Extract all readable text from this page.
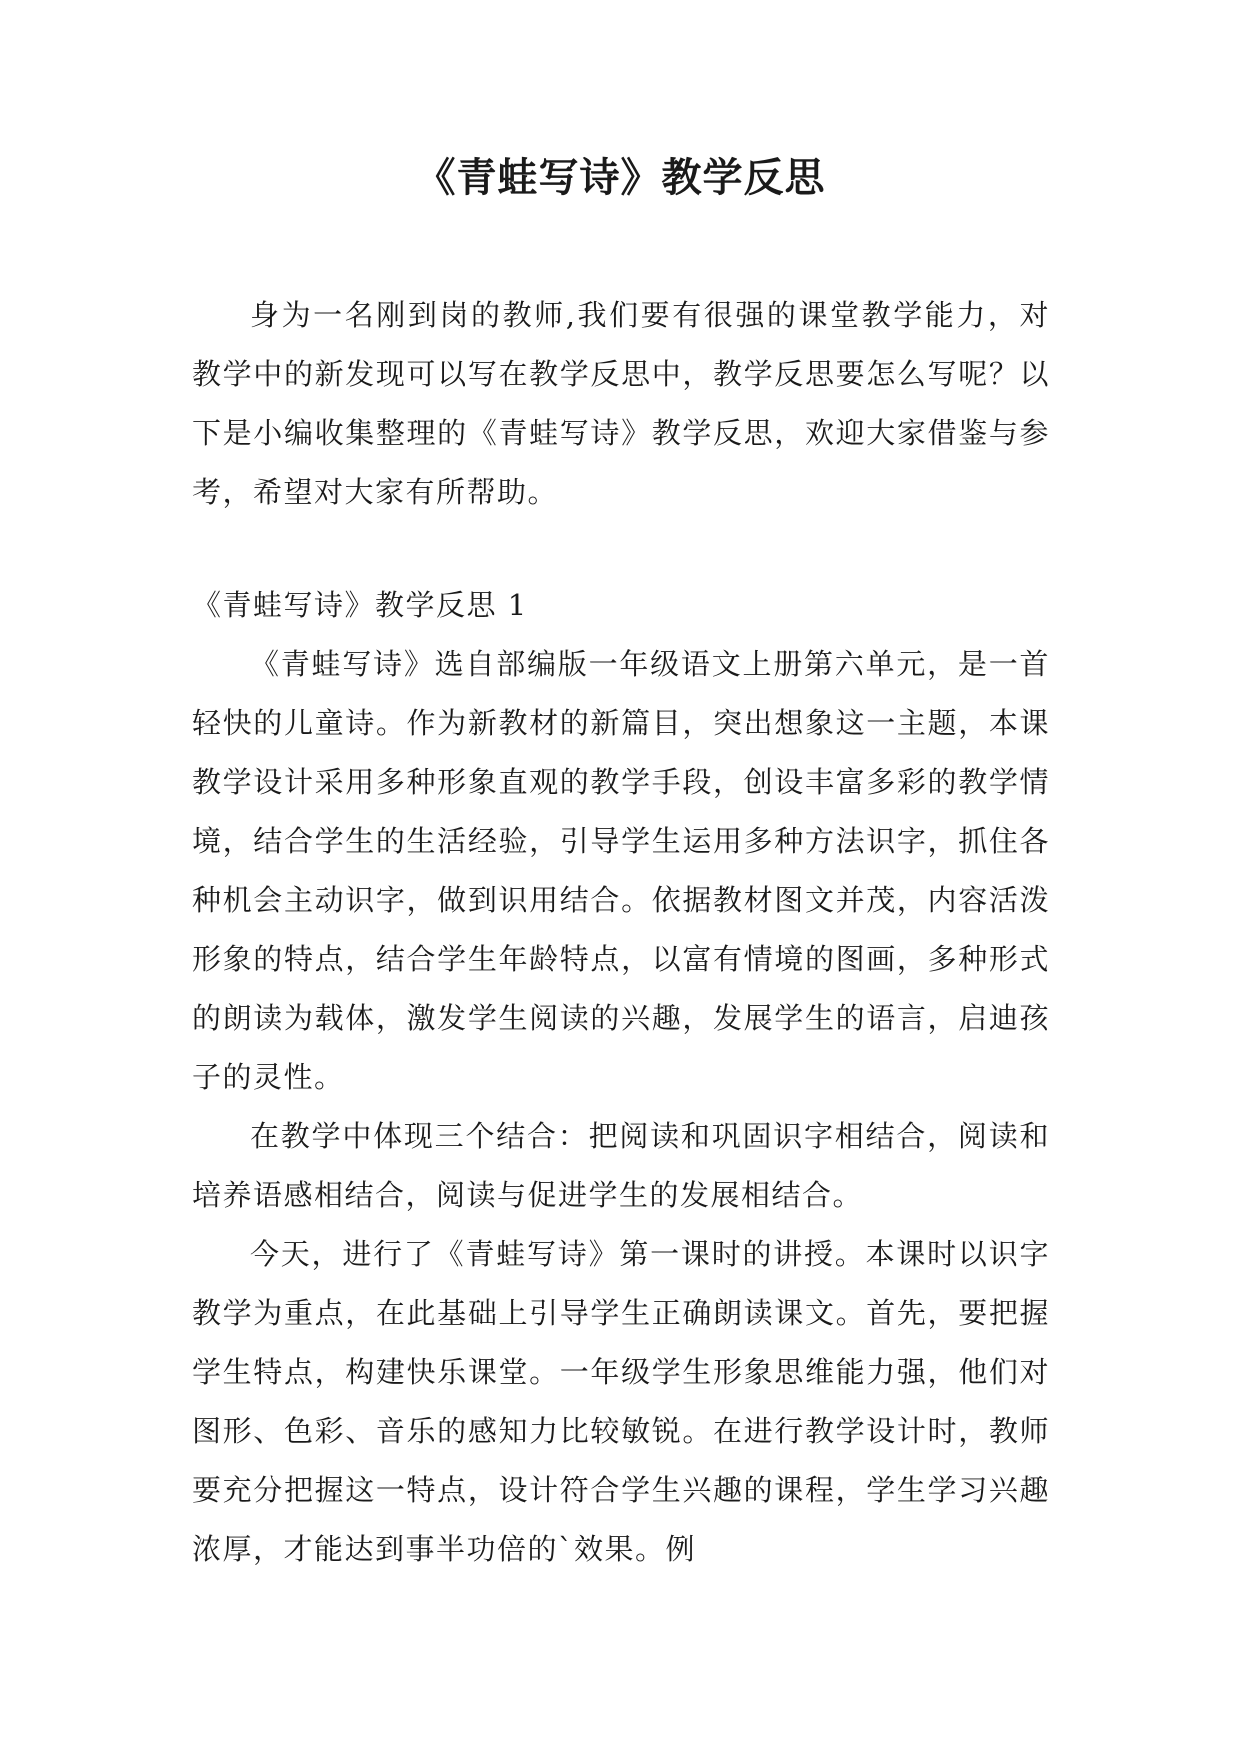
《青蛙写诗》教学反思

身为一名刚到岗的教师,我们要有很强的课堂教学能力，对教学中的新发现可以写在教学反思中，教学反思要怎么写呢？以下是小编收集整理的《青蛙写诗》教学反思，欢迎大家借鉴与参考，希望对大家有所帮助。

《青蛙写诗》教学反思 1

《青蛙写诗》选自部编版一年级语文上册第六单元，是一首轻快的儿童诗。作为新教材的新篇目，突出想象这一主题，本课教学设计采用多种形象直观的教学手段，创设丰富多彩的教学情境，结合学生的生活经验，引导学生运用多种方法识字，抓住各种机会主动识字，做到识用结合。依据教材图文并茂，内容活泼形象的特点，结合学生年龄特点，以富有情境的图画，多种形式的朗读为载体，激发学生阅读的兴趣，发展学生的语言，启迪孩子的灵性。

在教学中体现三个结合：把阅读和巩固识字相结合，阅读和培养语感相结合，阅读与促进学生的发展相结合。

今天，进行了《青蛙写诗》第一课时的讲授。本课时以识字教学为重点，在此基础上引导学生正确朗读课文。首先，要把握学生特点，构建快乐课堂。一年级学生形象思维能力强，他们对图形、色彩、音乐的感知力比较敏锐。在进行教学设计时，教师要充分把握这一特点，设计符合学生兴趣的课程，学生学习兴趣浓厚，才能达到事半功倍的`效果。例
